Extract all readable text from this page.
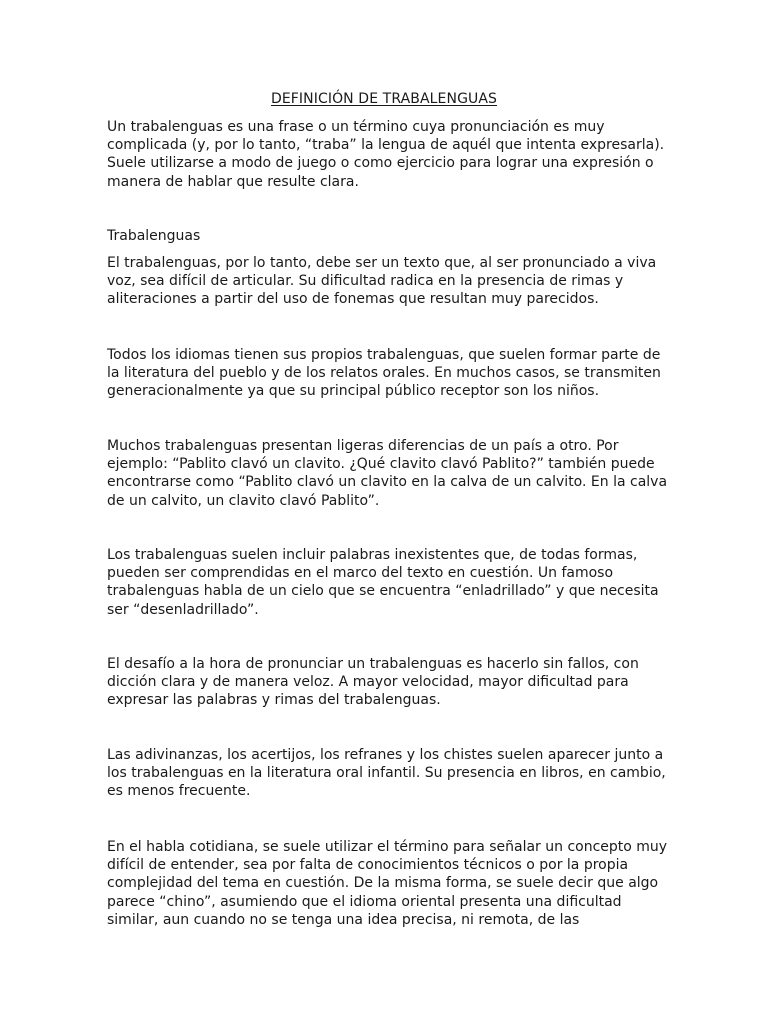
DEFINICIÓN DE TRABALENGUAS

Un trabalenguas es una frase o un término cuya pronunciación es muy
complicada (y, por lo tanto, “traba” la lengua de aquél que intenta expresarla).
Suele utilizarse a modo de juego o como ejercicio para lograr una expresión o
manera de hablar que resulte clara.

Trabalenguas

El trabalenguas, por lo tanto, debe ser un texto que, al ser pronunciado a viva
voz, sea difícil de articular. Su dificultad radica en la presencia de rimas y
aliteraciones a partir del uso de fonemas que resultan muy parecidos.

Todos los idiomas tienen sus propios trabalenguas, que suelen formar parte de
la literatura del pueblo y de los relatos orales. En muchos casos, se transmiten
generacionalmente ya que su principal público receptor son los niños.

Muchos trabalenguas presentan ligeras diferencias de un país a otro. Por
ejemplo: “Pablito clavó un clavito. ¿Qué clavito clavó Pablito?” también puede
encontrarse como “Pablito clavó un clavito en la calva de un calvito. En la calva
de un calvito, un clavito clavó Pablito”.

Los trabalenguas suelen incluir palabras inexistentes que, de todas formas,
pueden ser comprendidas en el marco del texto en cuestión. Un famoso
trabalenguas habla de un cielo que se encuentra “enladrillado” y que necesita
ser “desenladrillado”.

El desafío a la hora de pronunciar un trabalenguas es hacerlo sin fallos, con
dicción clara y de manera veloz. A mayor velocidad, mayor dificultad para
expresar las palabras y rimas del trabalenguas.

Las adivinanzas, los acertijos, los refranes y los chistes suelen aparecer junto a
los trabalenguas en la literatura oral infantil. Su presencia en libros, en cambio,
es menos frecuente.

En el habla cotidiana, se suele utilizar el término para señalar un concepto muy
difícil de entender, sea por falta de conocimientos técnicos o por la propia
complejidad del tema en cuestión. De la misma forma, se suele decir que algo
parece “chino”, asumiendo que el idioma oriental presenta una dificultad
similar, aun cuando no se tenga una idea precisa, ni remota, de las
